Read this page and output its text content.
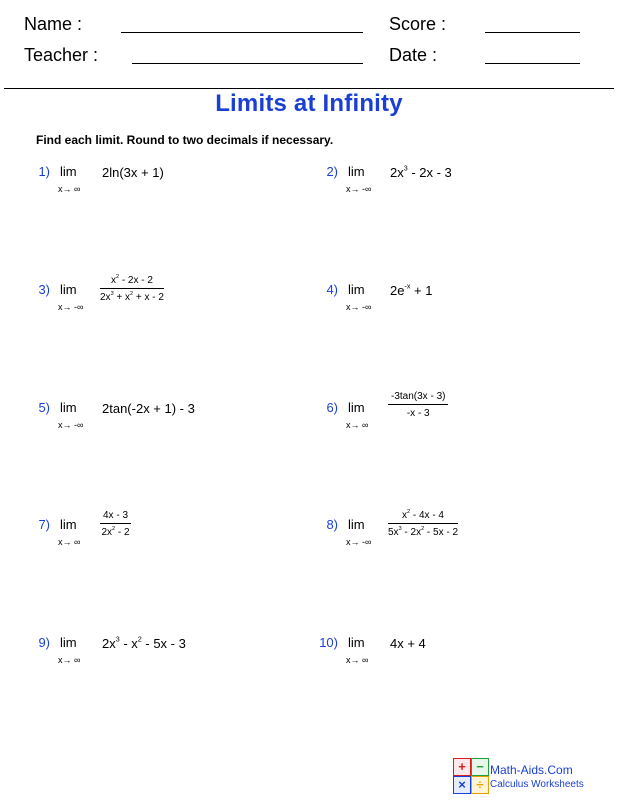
Name :	Score :
Teacher :	Date :
Limits at Infinity
Find each limit. Round to two decimals if necessary.
1) lim
x→ ∞
2ln(3x + 1)	2) lim
x→ -∞
$2x^3 - 2x - 3$
3) lim
x→ -∞
$\frac{x^2 - 2x - 2}{2x^3 + x^2 + x - 2}$	4) lim
x→ -∞
$2e^{-x} + 1$
5) lim
x→ -∞
2tan(-2x + 1) - 3	6) lim
x→ ∞
$\frac{-3\tan(3x - 3)}{-x - 3}$
7) lim
x→ ∞
$\frac{4x - 3}{2x^2 - 2}$	8) lim
x→ -∞
$\frac{x^2 - 4x - 4}{5x^3 - 2x^2 - 5x - 2}$
9) lim
x→ ∞
$2x^3 - x^2 - 5x - 3$	10) lim
x→ ∞
4x + 4
+ −
× ÷
Math-Aids.Com
Calculus Worksheets
